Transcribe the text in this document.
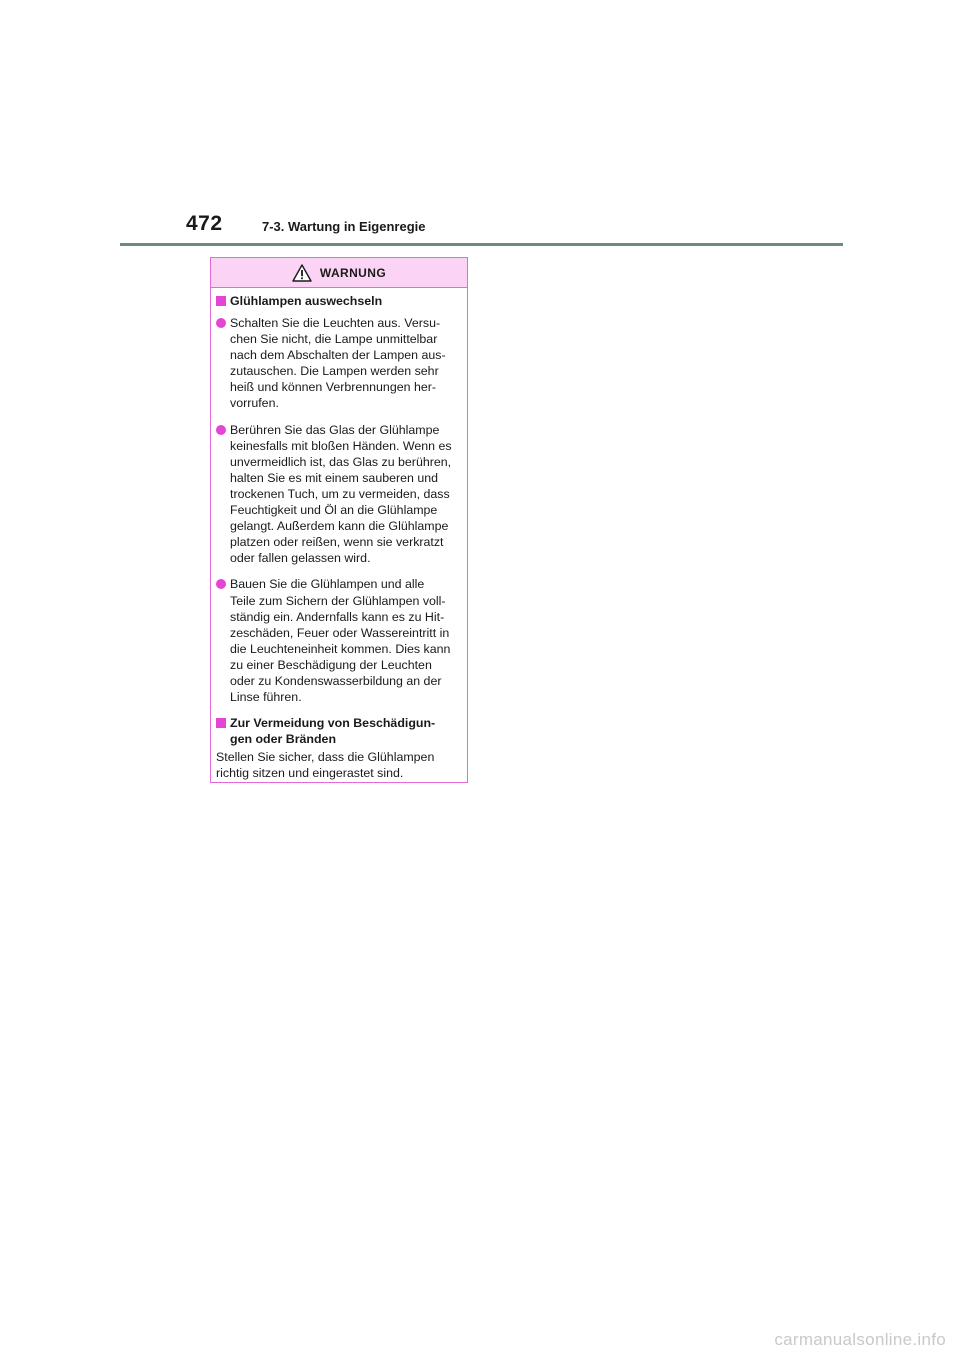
472	7-3. Wartung in Eigenregie
WARNUNG
Glühlampen auswechseln
Schalten Sie die Leuchten aus. Versu-
chen Sie nicht, die Lampe unmittelbar
nach dem Abschalten der Lampen aus-
zutauschen. Die Lampen werden sehr
heiß und können Verbrennungen her-
vorrufen.
Berühren Sie das Glas der Glühlampe
keinesfalls mit bloßen Händen. Wenn es
unvermeidlich ist, das Glas zu berühren,
halten Sie es mit einem sauberen und
trockenen Tuch, um zu vermeiden, dass
Feuchtigkeit und Öl an die Glühlampe
gelangt. Außerdem kann die Glühlampe
platzen oder reißen, wenn sie verkratzt
oder fallen gelassen wird.
Bauen Sie die Glühlampen und alle
Teile zum Sichern der Glühlampen voll-
ständig ein. Andernfalls kann es zu Hit-
zeschäden, Feuer oder Wassereintritt in
die Leuchteneinheit kommen. Dies kann
zu einer Beschädigung der Leuchten
oder zu Kondenswasserbildung an der
Linse führen.
Zur Vermeidung von Beschädigun-
gen oder Bränden
Stellen Sie sicher, dass die Glühlampen
richtig sitzen und eingerastet sind.
carmanualsonline.info
